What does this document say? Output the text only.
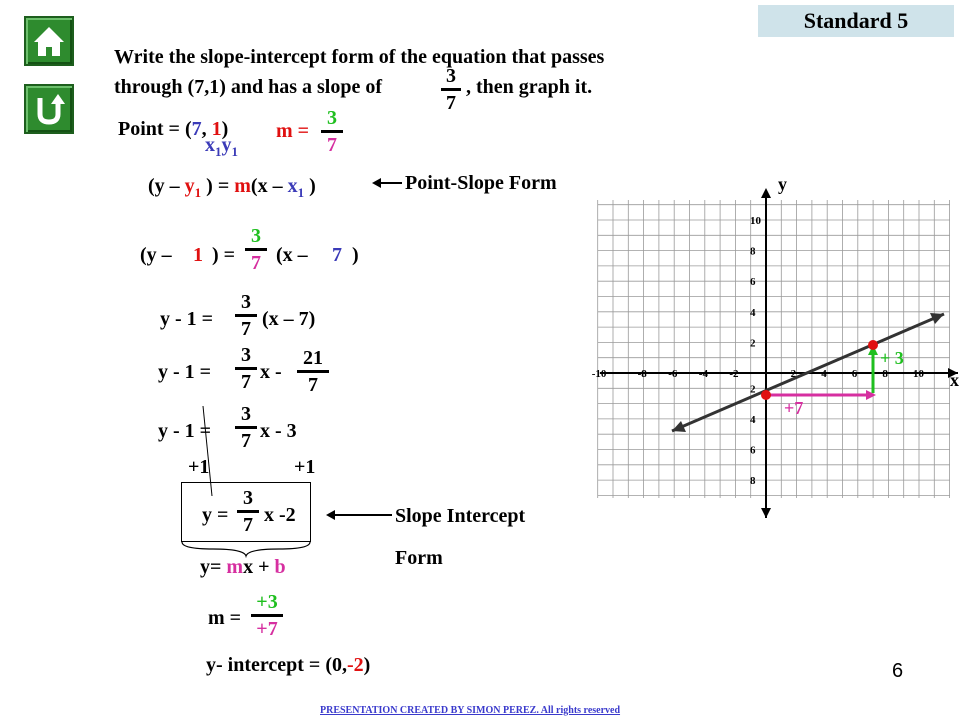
Standard 5
Write the slope-intercept form of the equation that passes
through (7,1) and has a slope of	3
7
, then graph it.
Point = (7, 1)
$x_1y_1$
m =
3
7
($y - y_1$ ) = $m(x - x_1$ )	Point-Slope Form
(y – 1 ) =
3
7 (x – 7 )
y - 1 =
3
7 (x – 7)
y - 1 =
3
7 x -
21
7
y - 1 =
3
7 x - 3
+1	+1
y =
3
7 x -2	Slope Intercept
Form
y= mx + b
m =
+3
+7
y- intercept = (0,-2)
y
x
-10	-8 -6 -4 -2	2 4 6 8 10
10
8
6
4
2
2
4
6
8
+ 3
+7
6
PRESENTATION CREATED BY SIMON PEREZ. All rights reserved
